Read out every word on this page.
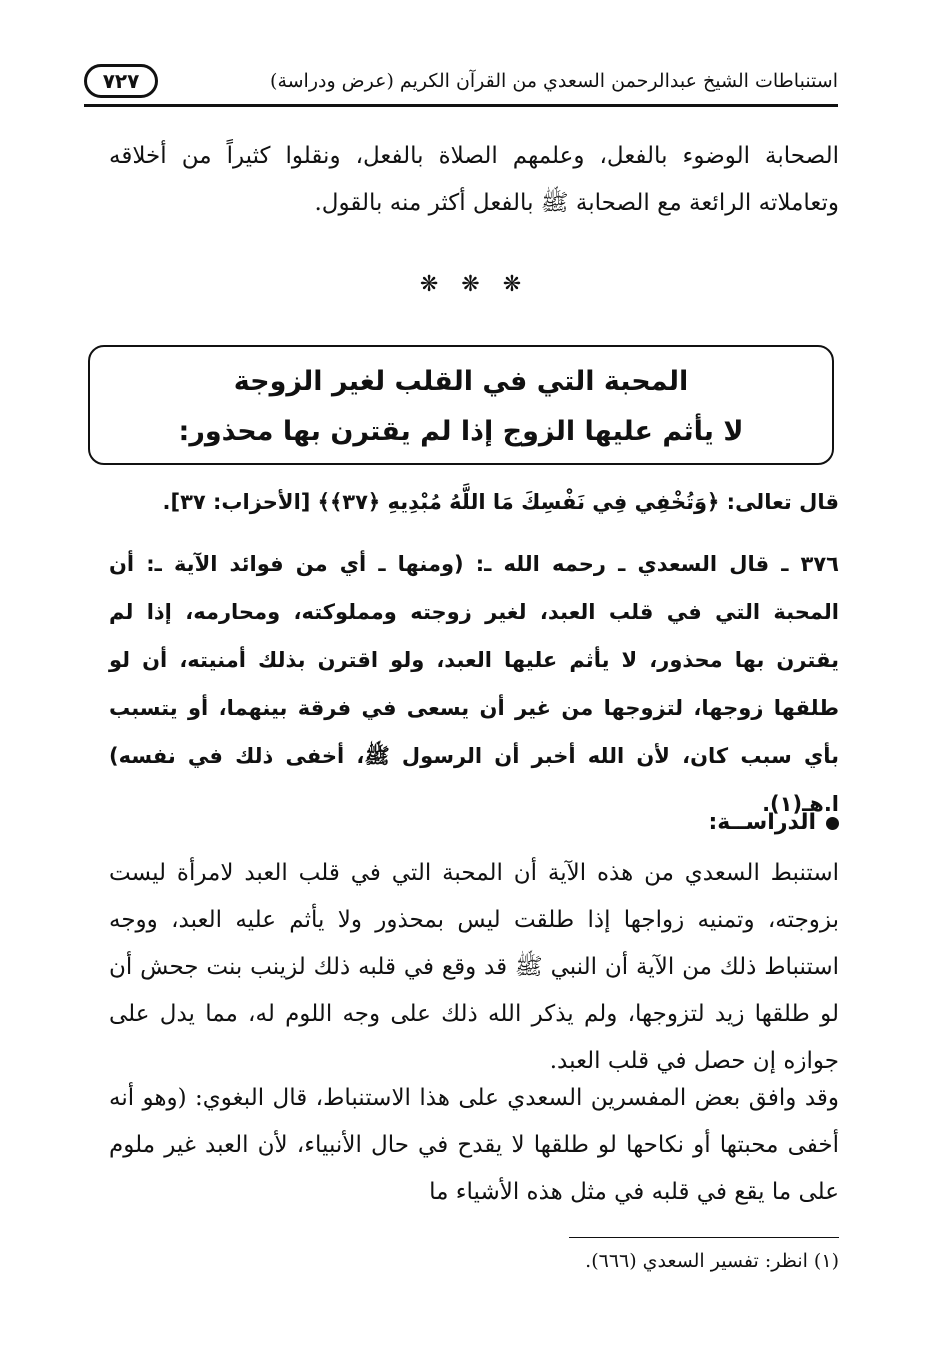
استنباطات الشيخ عبدالرحمن السعدي من القرآن الكريم (عرض ودراسة)
٧٢٧
الصحابة الوضوء بالفعل، وعلمهم الصلاة بالفعل، ونقلوا كثيراً من أخلاقه وتعاملاته الرائعة مع الصحابة ﷺ بالفعل أكثر منه بالقول.
❋ ❋ ❋
المحبة التي في القلب لغير الزوجة
لا يأثم عليها الزوج إذا لم يقترن بها محذور:
قال تعالى: ﴿وَتُخْفِي فِي نَفْسِكَ مَا اللَّهُ مُبْدِيهِ ﴿٣٧﴾﴾ [الأحزاب: ٣٧].
٣٧٦ ـ قال السعدي ـ رحمه الله ـ: (ومنها ـ أي من فوائد الآية ـ: أن المحبة التي في قلب العبد، لغير زوجته ومملوكته، ومحارمه، إذا لم يقترن بها محذور، لا يأثم عليها العبد، ولو اقترن بذلك أمنيته، أن لو طلقها زوجها، لتزوجها من غير أن يسعى في فرقة بينهما، أو يتسبب بأي سبب كان، لأن الله أخبر أن الرسول ﷺ، أخفى ذلك في نفسه) ا.هـ(١).
الدراســة:
استنبط السعدي من هذه الآية أن المحبة التي في قلب العبد لامرأة ليست بزوجته، وتمنيه زواجها إذا طلقت ليس بمحذور ولا يأثم عليه العبد، ووجه استنباط ذلك من الآية أن النبي ﷺ قد وقع في قلبه ذلك لزينب بنت جحش أن لو طلقها زيد لتزوجها، ولم يذكر الله ذلك على وجه اللوم له، مما يدل على جوازه إن حصل في قلب العبد.
وقد وافق بعض المفسرين السعدي على هذا الاستنباط، قال البغوي: (وهو أنه أخفى محبتها أو نكاحها لو طلقها لا يقدح في حال الأنبياء، لأن العبد غير ملوم على ما يقع في قلبه في مثل هذه الأشياء ما
(١) انظر: تفسير السعدي (٦٦٦).
